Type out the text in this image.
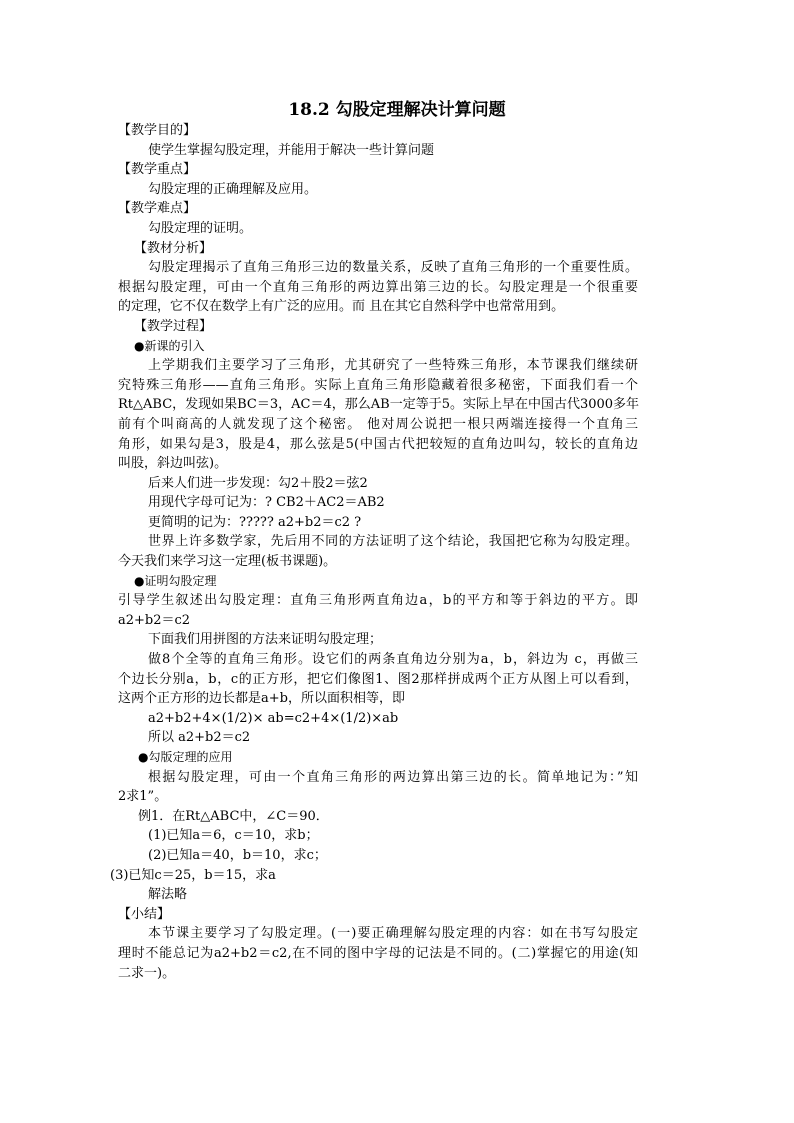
18.2 勾股定理解决计算问题
【教学目的】
使学生掌握勾股定理，并能用于解决一些计算问题
【教学重点】
勾股定理的正确理解及应用。
【教学难点】
勾股定理的证明。
【教材分析】
勾股定理揭示了直角三角形三边的数量关系，反映了直角三角形的一个重要性质。
根据勾股定理，可由一个直角三角形的两边算出第三边的长。勾股定理是一个很重要
的定理，它不仅在数学上有广泛的应用。而 且在其它自然科学中也常常用到。
【教学过程】
●新课的引入
上学期我们主要学习了三角形，尤其研究了一些特殊三角形，本节课我们继续研
究特殊三角形——直角三角形。实际上直角三角形隐藏着很多秘密，下面我们看一个
Rt△ABC，发现如果BC＝3，AC＝4，那么AB一定等于5。实际上早在中国古代3000多年
前有个叫商高的人就发现了这个秘密。 他对周公说把一根只两端连接得一个直角三
角形，如果勾是3，股是4，那么弦是5(中国古代把较短的直角边叫勾，较长的直角边
叫股，斜边叫弦)。
后来人们进一步发现：勾2＋股2＝弦2
用现代字母可记为：? CB2＋AC2＝AB2
更简明的记为：????? a2+b2＝c2 ?
世界上许多数学家，先后用不同的方法证明了这个结论，我国把它称为勾股定理。
今天我们来学习这一定理(板书课题)。
●证明勾股定理
引导学生叙述出勾股定理：直角三角形两直角边a，b的平方和等于斜边的平方。即
a2+b2＝c2
下面我们用拼图的方法来证明勾股定理；
做8个全等的直角三角形。设它们的两条直角边分别为a，b，斜边为 c，再做三
个边长分别a，b，c的正方形，把它们像图1、图2那样拼成两个正方从图上可以看到，
这两个正方形的边长都是a+b，所以面积相等，即
a2+b2+4×(1/2)× ab=c2+4×(1/2)×ab
所以 a2+b2＝c2
●勾版定理的应用
根据勾股定理，可由一个直角三角形的两边算出第三边的长。简单地记为：”知
2求1”。
例1．在Rt△ABC中，∠C＝90．
(1)已知a＝6，c＝10，求b；
(2)已知a＝40，b＝10，求c；
(3)已知c＝25，b＝15，求a
解法略
【小结】
本节课主要学习了勾股定理。(一)要正确理解勾股定理的内容：如在书写勾股定
理时不能总记为a2+b2＝c2,在不同的图中字母的记法是不同的。(二)掌握它的用途(知
二求一)。
